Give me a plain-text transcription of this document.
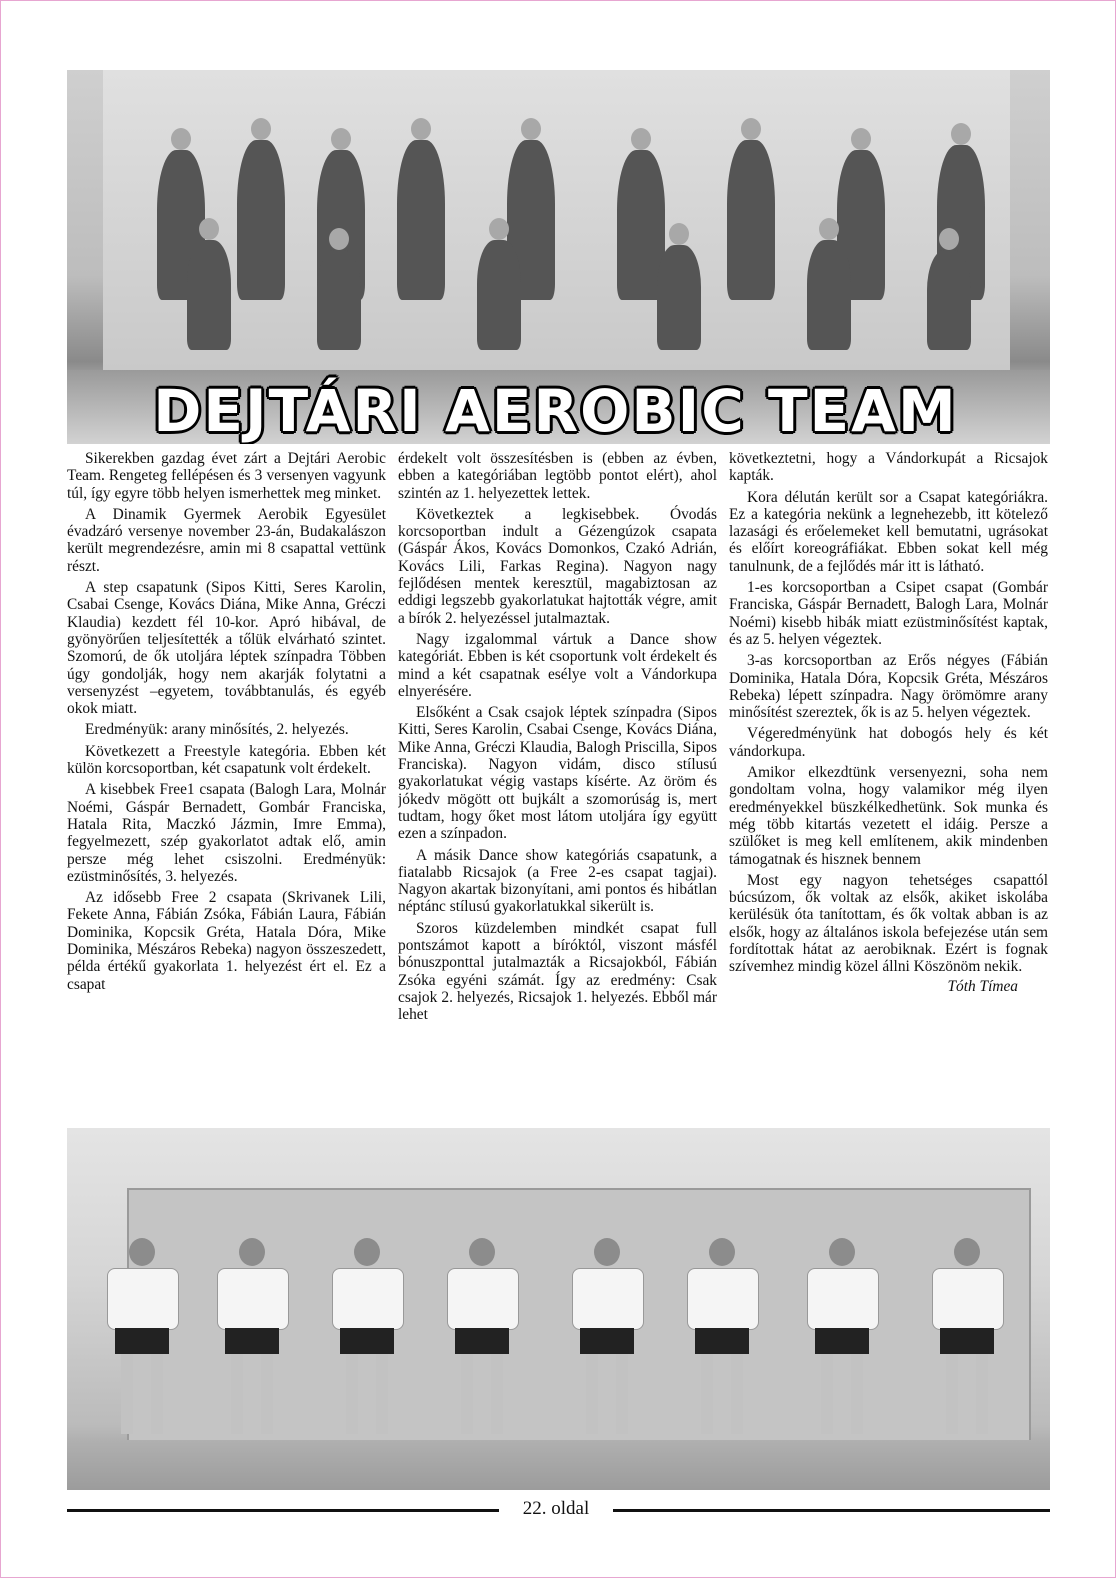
DEJTÁRI AEROBIC TEAM

Sikerekben gazdag évet zárt a Dejtári Aerobic Team. Rengeteg fellépésen és 3 versenyen vagyunk túl, így egyre több helyen ismerhettek meg minket.

A Dinamik Gyermek Aerobik Egyesület évadzáró versenye november 23-án, Budakalászon került megrendezésre, amin mi 8 csapattal vettünk részt.

A step csapatunk (Sipos Kitti, Seres Karolin, Csabai Csenge, Kovács Diána, Mike Anna, Gréczi Klaudia) kezdett fél 10-kor. Apró hibával, de gyönyörűen teljesítették a tőlük elvárható szintet. Szomorú, de ők utoljára léptek színpadra Többen úgy gondolják, hogy nem akarják folytatni a versenyzést –egyetem, továbbtanulás, és egyéb okok miatt.

Eredményük: arany minősítés, 2. helyezés.

Következett a Freestyle kategória. Ebben két külön korcsoportban, két csapatunk volt érdekelt.

A kisebbek Free1 csapata (Balogh Lara, Molnár Noémi, Gáspár Bernadett, Gombár Franciska, Hatala Rita, Maczkó Jázmin, Imre Emma), fegyelmezett, szép gyakorlatot adtak elő, amin persze még lehet csiszolni. Eredményük: ezüstminősítés, 3. helyezés.

Az idősebb Free 2 csapata (Skrivanek Lili, Fekete Anna, Fábián Zsóka, Fábián Laura, Fábián Dominika, Kopcsik Gréta, Hatala Dóra, Mike Dominika, Mészáros Rebeka) nagyon összeszedett, példa értékű gyakorlata 1. helyezést ért el. Ez a csapat

érdekelt volt összesítésben is (ebben az évben, ebben a kategóriában legtöbb pontot elért), ahol szintén az 1. helyezettek lettek.

Következtek a legkisebbek. Óvodás korcsoportban indult a Gézengúzok csapata (Gáspár Ákos, Kovács Domonkos, Czakó Adrián, Kovács Lili, Farkas Regina). Nagyon nagy fejlődésen mentek keresztül, magabiztosan az eddigi legszebb gyakorlatukat hajtották végre, amit a bírók 2. helyezéssel jutalmaztak.

Nagy izgalommal vártuk a Dance show kategóriát. Ebben is két csoportunk volt érdekelt és mind a két csapatnak esélye volt a Vándorkupa elnyerésére.

Elsőként a Csak csajok léptek színpadra (Sipos Kitti, Seres Karolin, Csabai Csenge, Kovács Diána, Mike Anna, Gréczi Klaudia, Balogh Priscilla, Sipos Franciska). Nagyon vidám, disco stílusú gyakorlatukat végig vastaps kísérte. Az öröm és jókedv mögött ott bujkált a szomorúság is, mert tudtam, hogy őket most látom utoljára így együtt ezen a színpadon.

A másik Dance show kategóriás csapatunk, a fiatalabb Ricsajok (a Free 2-es csapat tagjai). Nagyon akartak bizonyítani, ami pontos és hibátlan néptánc stílusú gyakorlatukkal sikerült is.

Szoros küzdelemben mindkét csapat full pontszámot kapott a bíróktól, viszont másfél bónuszponttal jutalmazták a Ricsajokból, Fábián Zsóka egyéni számát. Így az eredmény: Csak csajok 2. helyezés, Ricsajok 1. helyezés. Ebből már lehet

következtetni, hogy a Vándorkupát a Ricsajok kapták.

Kora délután került sor a Csapat kategóriákra. Ez a kategória nekünk a legnehezebb, itt kötelező lazasági és erőelemeket kell bemutatni, ugrásokat és előírt koreográfiákat. Ebben sokat kell még tanulnunk, de a fejlődés már itt is látható.

1-es korcsoportban a Csipet csapat (Gombár Franciska, Gáspár Bernadett, Balogh Lara, Molnár Noémi) kisebb hibák miatt ezüstminősítést kaptak, és az 5. helyen végeztek.

3-as korcsoportban az Erős négyes (Fábián Dominika, Hatala Dóra, Kopcsik Gréta, Mészáros Rebeka) lépett színpadra. Nagy örömömre arany minősítést szereztek, ők is az 5. helyen végeztek.

Végeredményünk hat dobogós hely és két vándorkupa.

Amikor elkezdtünk versenyezni, soha nem gondoltam volna, hogy valamikor még ilyen eredményekkel büszkélkedhetünk. Sok munka és még több kitartás vezetett el idáig. Persze a szülőket is meg kell említenem, akik mindenben támogatnak és hisznek bennem

Most egy nagyon tehetséges csapattól búcsúzom, ők voltak az elsők, akiket iskolába kerülésük óta tanítottam, és ők voltak abban is az elsők, hogy az általános iskola befejezése után sem fordítottak hátat az aerobiknak. Ezért is fognak szívemhez mindig közel állni Köszönöm nekik.

Tóth Tímea

22. oldal
